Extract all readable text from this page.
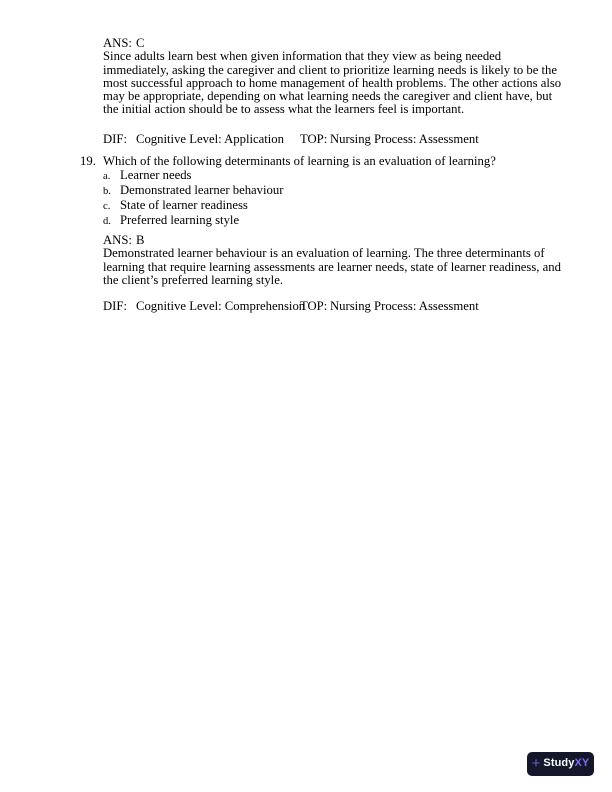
ANS: C
Since adults learn best when given information that they view as being needed
immediately, asking the caregiver and client to prioritize learning needs is likely to be the
most successful approach to home management of health problems. The other actions also
may be appropriate, depending on what learning needs the caregiver and client have, but
the initial action should be to assess what the learners feel is important.
DIF: Cognitive Level: Application	TOP: Nursing Process: Assessment
19. Which of the following determinants of learning is an evaluation of learning?
a. Learner needs
b. Demonstrated learner behaviour
c. State of learner readiness
d. Preferred learning style
ANS: B
Demonstrated learner behaviour is an evaluation of learning. The three determinants of
learning that require learning assessments are learner needs, state of learner readiness, and
the client’s preferred learning style.
DIF: Cognitive Level: Comprehension
TOP: Nursing Process: Assessment
+ Study XY
